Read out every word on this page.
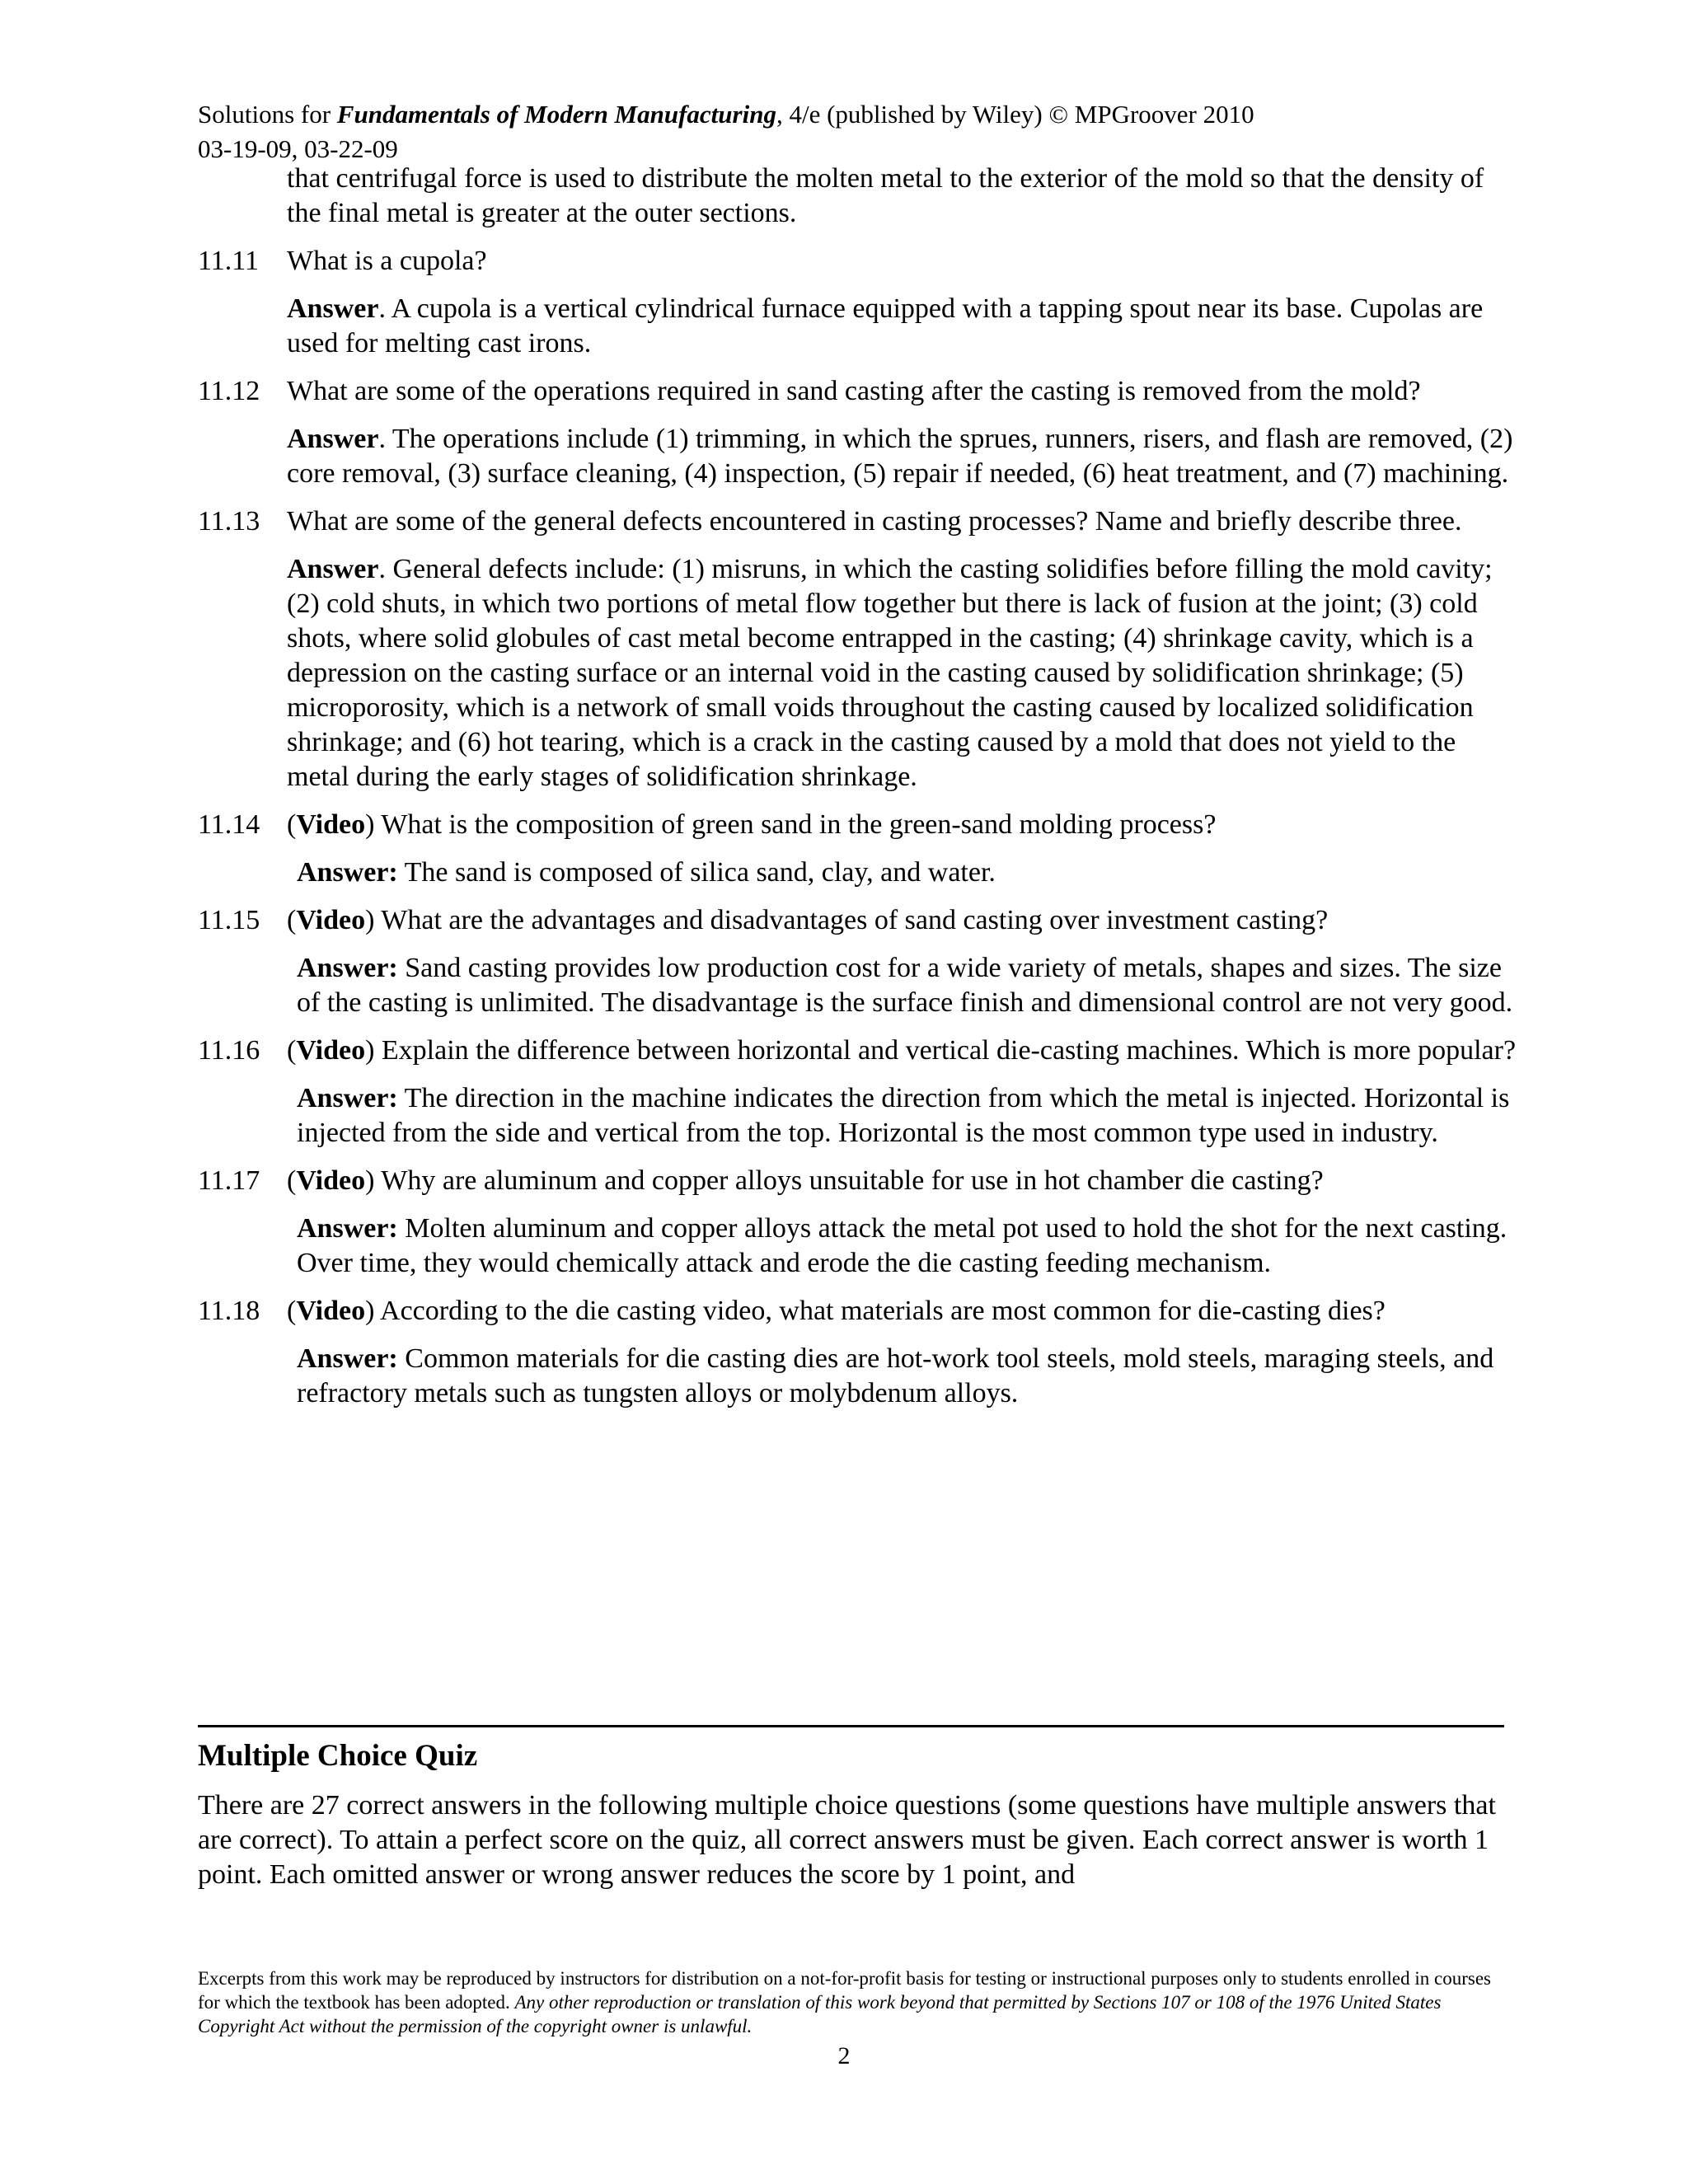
Solutions for Fundamentals of Modern Manufacturing, 4/e (published by Wiley) © MPGroover 2010
03-19-09, 03-22-09
that centrifugal force is used to distribute the molten metal to the exterior of the mold so that the density of the final metal is greater at the outer sections.
11.11	What is a cupola?
Answer. A cupola is a vertical cylindrical furnace equipped with a tapping spout near its base. Cupolas are used for melting cast irons.
11.12 What are some of the operations required in sand casting after the casting is removed from the mold?
Answer. The operations include (1) trimming, in which the sprues, runners, risers, and flash are removed, (2) core removal, (3) surface cleaning, (4) inspection, (5) repair if needed, (6) heat treatment, and (7) machining.
11.13 What are some of the general defects encountered in casting processes? Name and briefly describe three.
Answer. General defects include: (1) misruns, in which the casting solidifies before filling the mold cavity; (2) cold shuts, in which two portions of metal flow together but there is lack of fusion at the joint; (3) cold shots, where solid globules of cast metal become entrapped in the casting; (4) shrinkage cavity, which is a depression on the casting surface or an internal void in the casting caused by solidification shrinkage; (5) microporosity, which is a network of small voids throughout the casting caused by localized solidification shrinkage; and (6) hot tearing, which is a crack in the casting caused by a mold that does not yield to the metal during the early stages of solidification shrinkage.
11.14 (Video) What is the composition of green sand in the green-sand molding process?
Answer: The sand is composed of silica sand, clay, and water.
11.15 (Video) What are the advantages and disadvantages of sand casting over investment casting?
Answer: Sand casting provides low production cost for a wide variety of metals, shapes and sizes. The size of the casting is unlimited. The disadvantage is the surface finish and dimensional control are not very good.
11.16 (Video) Explain the difference between horizontal and vertical die-casting machines. Which is more popular?
Answer: The direction in the machine indicates the direction from which the metal is injected. Horizontal is injected from the side and vertical from the top. Horizontal is the most common type used in industry.
11.17 (Video) Why are aluminum and copper alloys unsuitable for use in hot chamber die casting?
Answer: Molten aluminum and copper alloys attack the metal pot used to hold the shot for the next casting. Over time, they would chemically attack and erode the die casting feeding mechanism.
11.18 (Video) According to the die casting video, what materials are most common for die-casting dies?
Answer: Common materials for die casting dies are hot-work tool steels, mold steels, maraging steels, and refractory metals such as tungsten alloys or molybdenum alloys.
Multiple Choice Quiz
There are 27 correct answers in the following multiple choice questions (some questions have multiple answers that are correct). To attain a perfect score on the quiz, all correct answers must be given. Each correct answer is worth 1 point. Each omitted answer or wrong answer reduces the score by 1 point, and
Excerpts from this work may be reproduced by instructors for distribution on a not-for-profit basis for testing or instructional purposes only to students enrolled in courses for which the textbook has been adopted. Any other reproduction or translation of this work beyond that permitted by Sections 107 or 108 of the 1976 United States Copyright Act without the permission of the copyright owner is unlawful.
2
